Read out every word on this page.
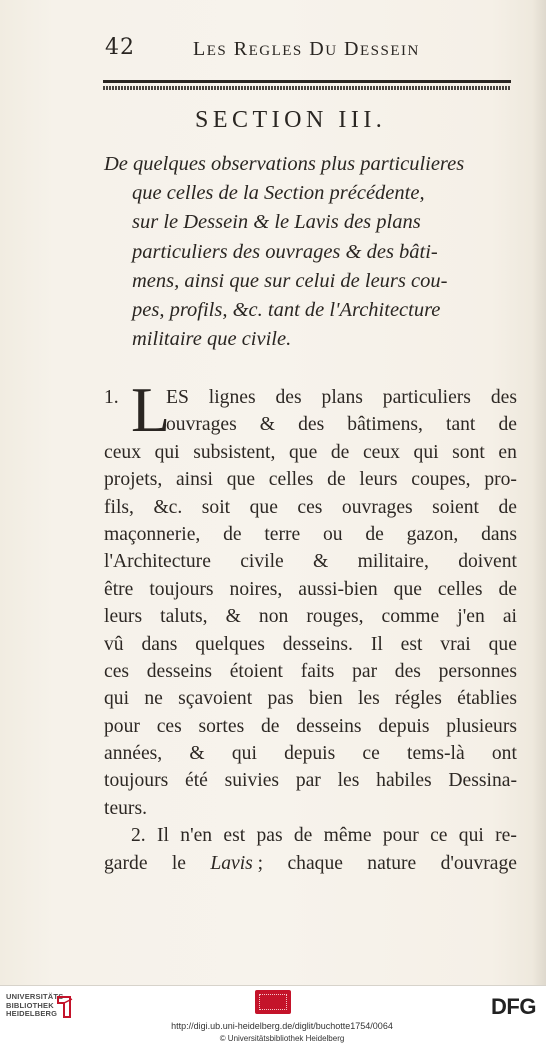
42	LES REGLES DU DESSEIN
SECTION III.
De quelques observations plus particulieres
que celles de la Section précédente,
sur le Dessein & le Lavis des plans
particuliers des ouvrages & des bâti-
mens, ainsi que sur celui de leurs cou-
pes, profils, &c. tant de l'Architecture
militaire que civile.
1. L
ES lignes des plans particuliers des
ouvrages & des bâtimens, tant de
ceux qui subsistent, que de ceux qui sont en
projets, ainsi que celles de leurs coupes, pro-
fils, &c. soit que ces ouvrages soient de
maçonnerie, de terre ou de gazon, dans
l'Architecture civile & militaire, doivent
être toujours noires, aussi-bien que celles de
leurs taluts, & non rouges, comme j'en ai
vû dans quelques desseins. Il est vrai que
ces desseins étoient faits par des personnes
qui ne sçavoient pas bien les régles établies
pour ces sortes de desseins depuis plusieurs
années, & qui depuis ce tems-là ont
toujours été suivies par les habiles Dessina-
teurs.
2. Il n'en est pas de même pour ce qui re-
garde le Lavis ; chaque nature d'ouvrage
UNIVERSITÄTS-
BIBLIOTHEK
HEIDELBERG
http://digi.ub.uni-heidelberg.de/diglit/buchotte1754/0064
© Universitätsbibliothek Heidelberg
DFG
